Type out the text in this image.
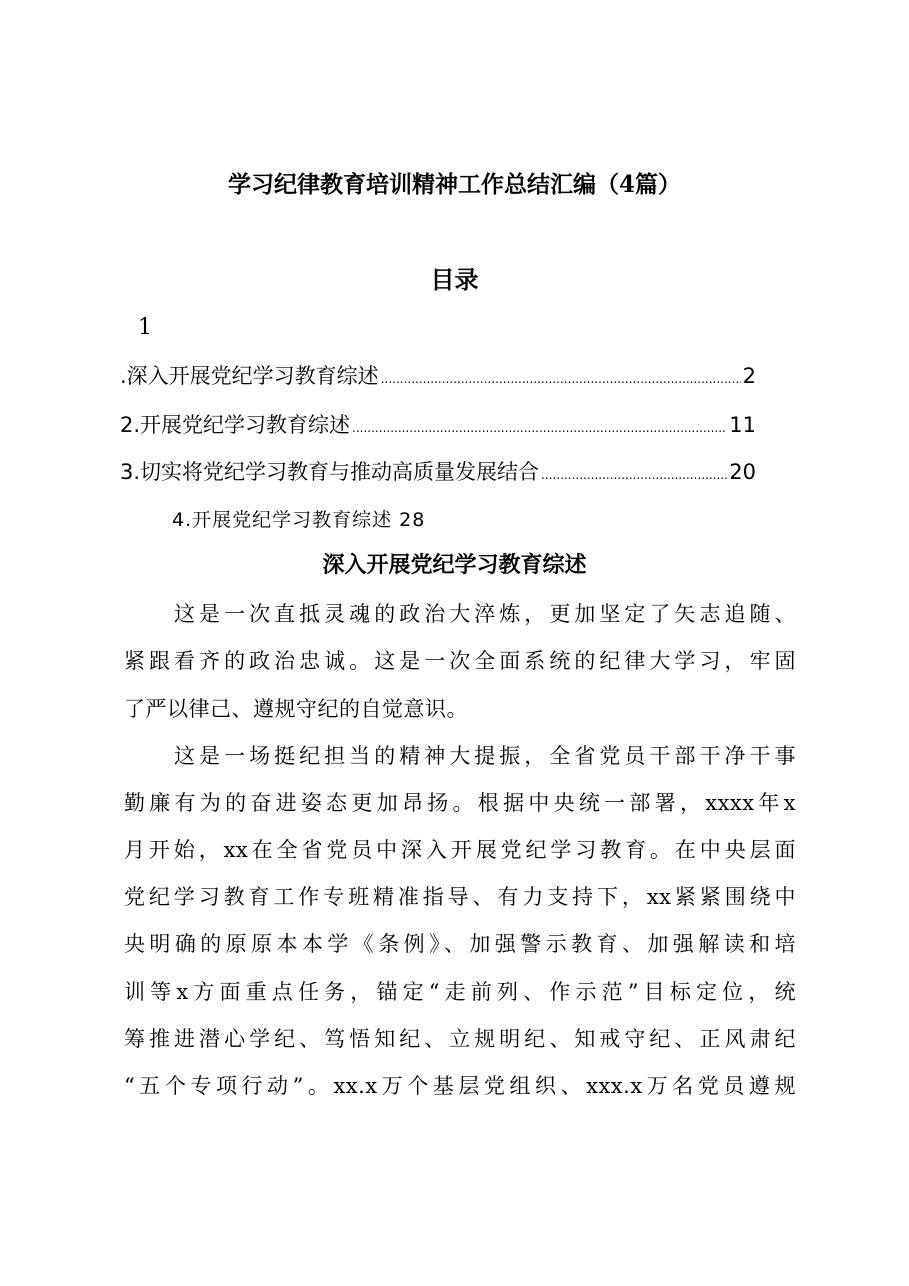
学习纪律教育培训精神工作总结汇编（4篇）
目录
1
.深入开展党纪学习教育综述 .....	2
2.开展党纪学习教育综述 .....	11
3.切实将党纪学习教育与推动高质量发展结合 .....	20
4.开展党纪学习教育综述 28
深入开展党纪学习教育综述
　　这是一次直抵灵魂的政治大淬炼，更加坚定了矢志追随、
紧跟看齐的政治忠诚。这是一次全面系统的纪律大学习，牢固
了严以律己、遵规守纪的自觉意识。
　　这是一场挺纪担当的精神大提振，全省党员干部干净干事
勤廉有为的奋进姿态更加昂扬。根据中央统一部署，xxxx年x
月开始，xx在全省党员中深入开展党纪学习教育。在中央层面
党纪学习教育工作专班精准指导、有力支持下，xx紧紧围绕中
央明确的原原本本学《条例》、加强警示教育、加强解读和培
训等x方面重点任务，锚定“走前列、作示范”目标定位，统
筹推进潜心学纪、笃悟知纪、立规明纪、知戒守纪、正风肃纪
“五个专项行动”。xx.x万个基层党组织、xxx.x万名党员遵规
